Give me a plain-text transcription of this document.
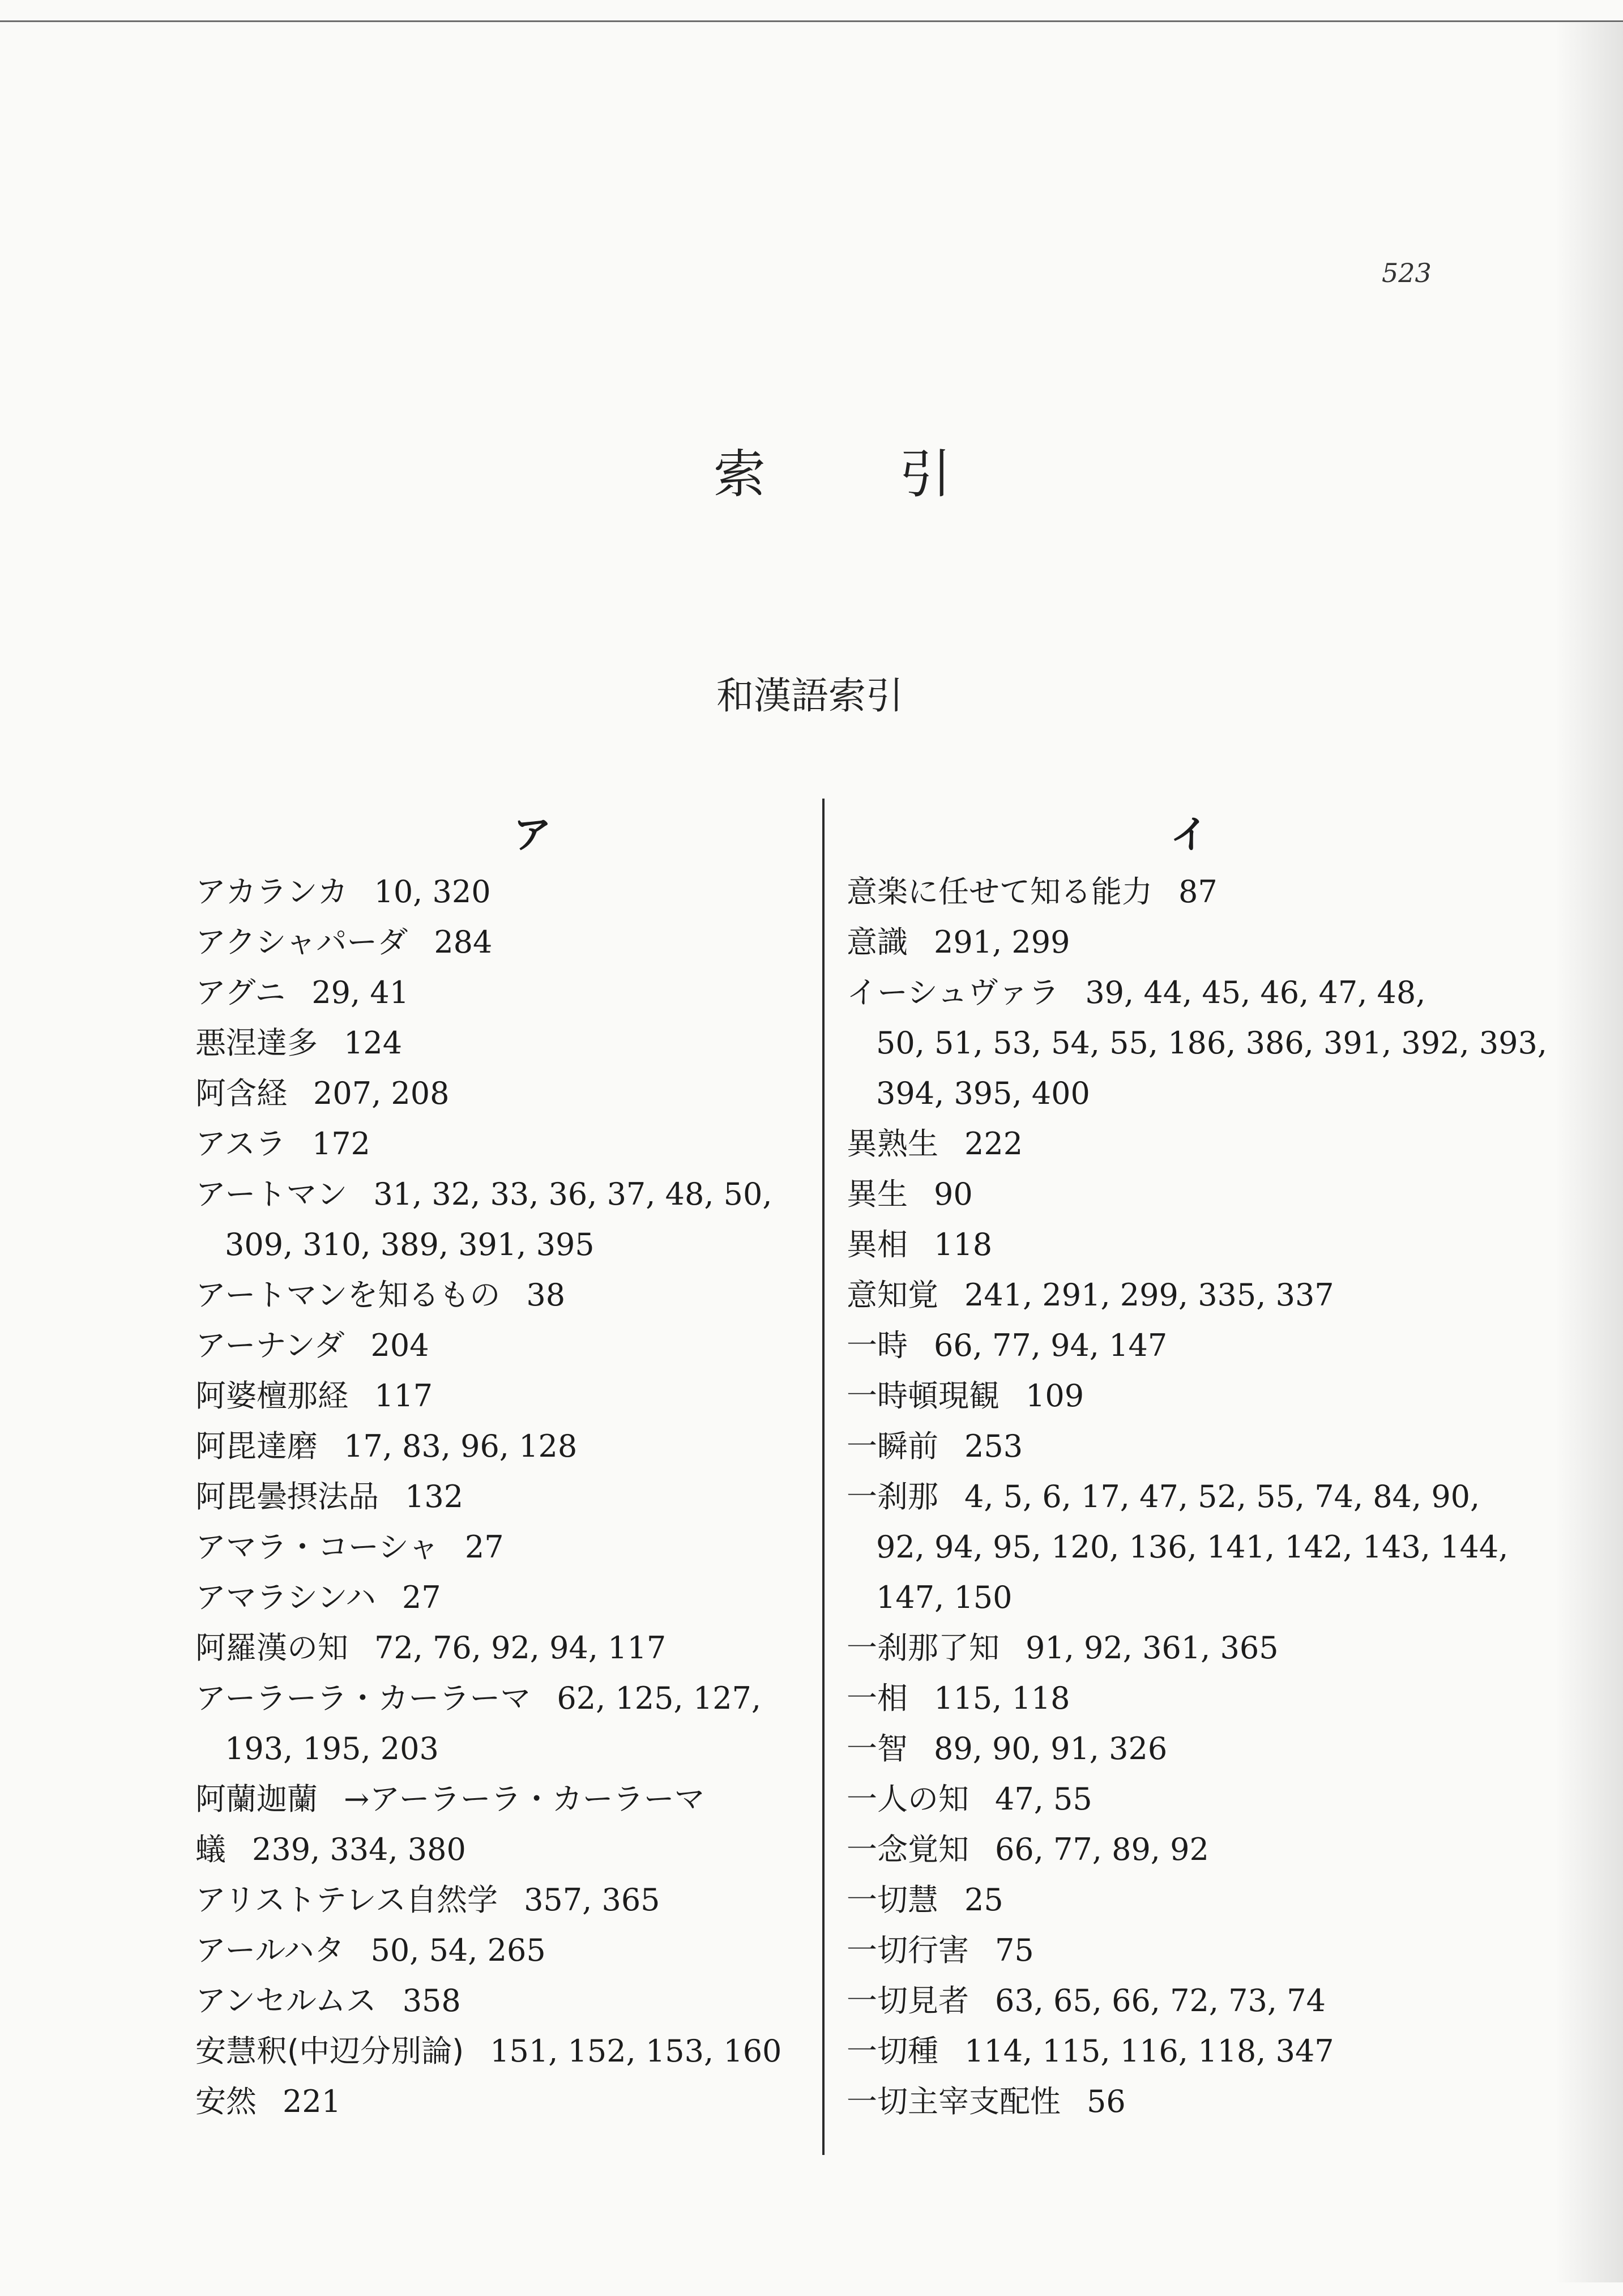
523
索	引
和漢語索引
ア
アカランカ 10, 320
アクシャパーダ 284
アグニ 29, 41
悪涅達多 124
阿含経 207, 208
アスラ 172
アートマン 31, 32, 33, 36, 37, 48, 50,
309, 310, 389, 391, 395
アートマンを知るもの 38
アーナンダ 204
阿婆檀那経 117
阿毘達磨 17, 83, 96, 128
阿毘曇摂法品 132
アマラ・コーシャ 27
アマラシンハ 27
阿羅漢の知 72, 76, 92, 94, 117
アーラーラ・カーラーマ 62, 125, 127,
193, 195, 203
阿蘭迦蘭 →アーラーラ・カーラーマ
蟻 239, 334, 380
アリストテレス自然学 357, 365
アールハタ 50, 54, 265
アンセルムス 358
安慧釈(中辺分別論) 151, 152, 153, 160
安然 221
イ
意楽に任せて知る能力 87
意識 291, 299
イーシュヴァラ 39, 44, 45, 46, 47, 48,
50, 51, 53, 54, 55, 186, 386, 391, 392, 393,
394, 395, 400
異熟生 222
異生 90
異相 118
意知覚 241, 291, 299, 335, 337
一時 66, 77, 94, 147
一時頓現観 109
一瞬前 253
一刹那 4, 5, 6, 17, 47, 52, 55, 74, 84, 90,
92, 94, 95, 120, 136, 141, 142, 143, 144,
147, 150
一刹那了知 91, 92, 361, 365
一相 115, 118
一智 89, 90, 91, 326
一人の知 47, 55
一念覚知 66, 77, 89, 92
一切慧 25
一切行害 75
一切見者 63, 65, 66, 72, 73, 74
一切種 114, 115, 116, 118, 347
一切主宰支配性 56
